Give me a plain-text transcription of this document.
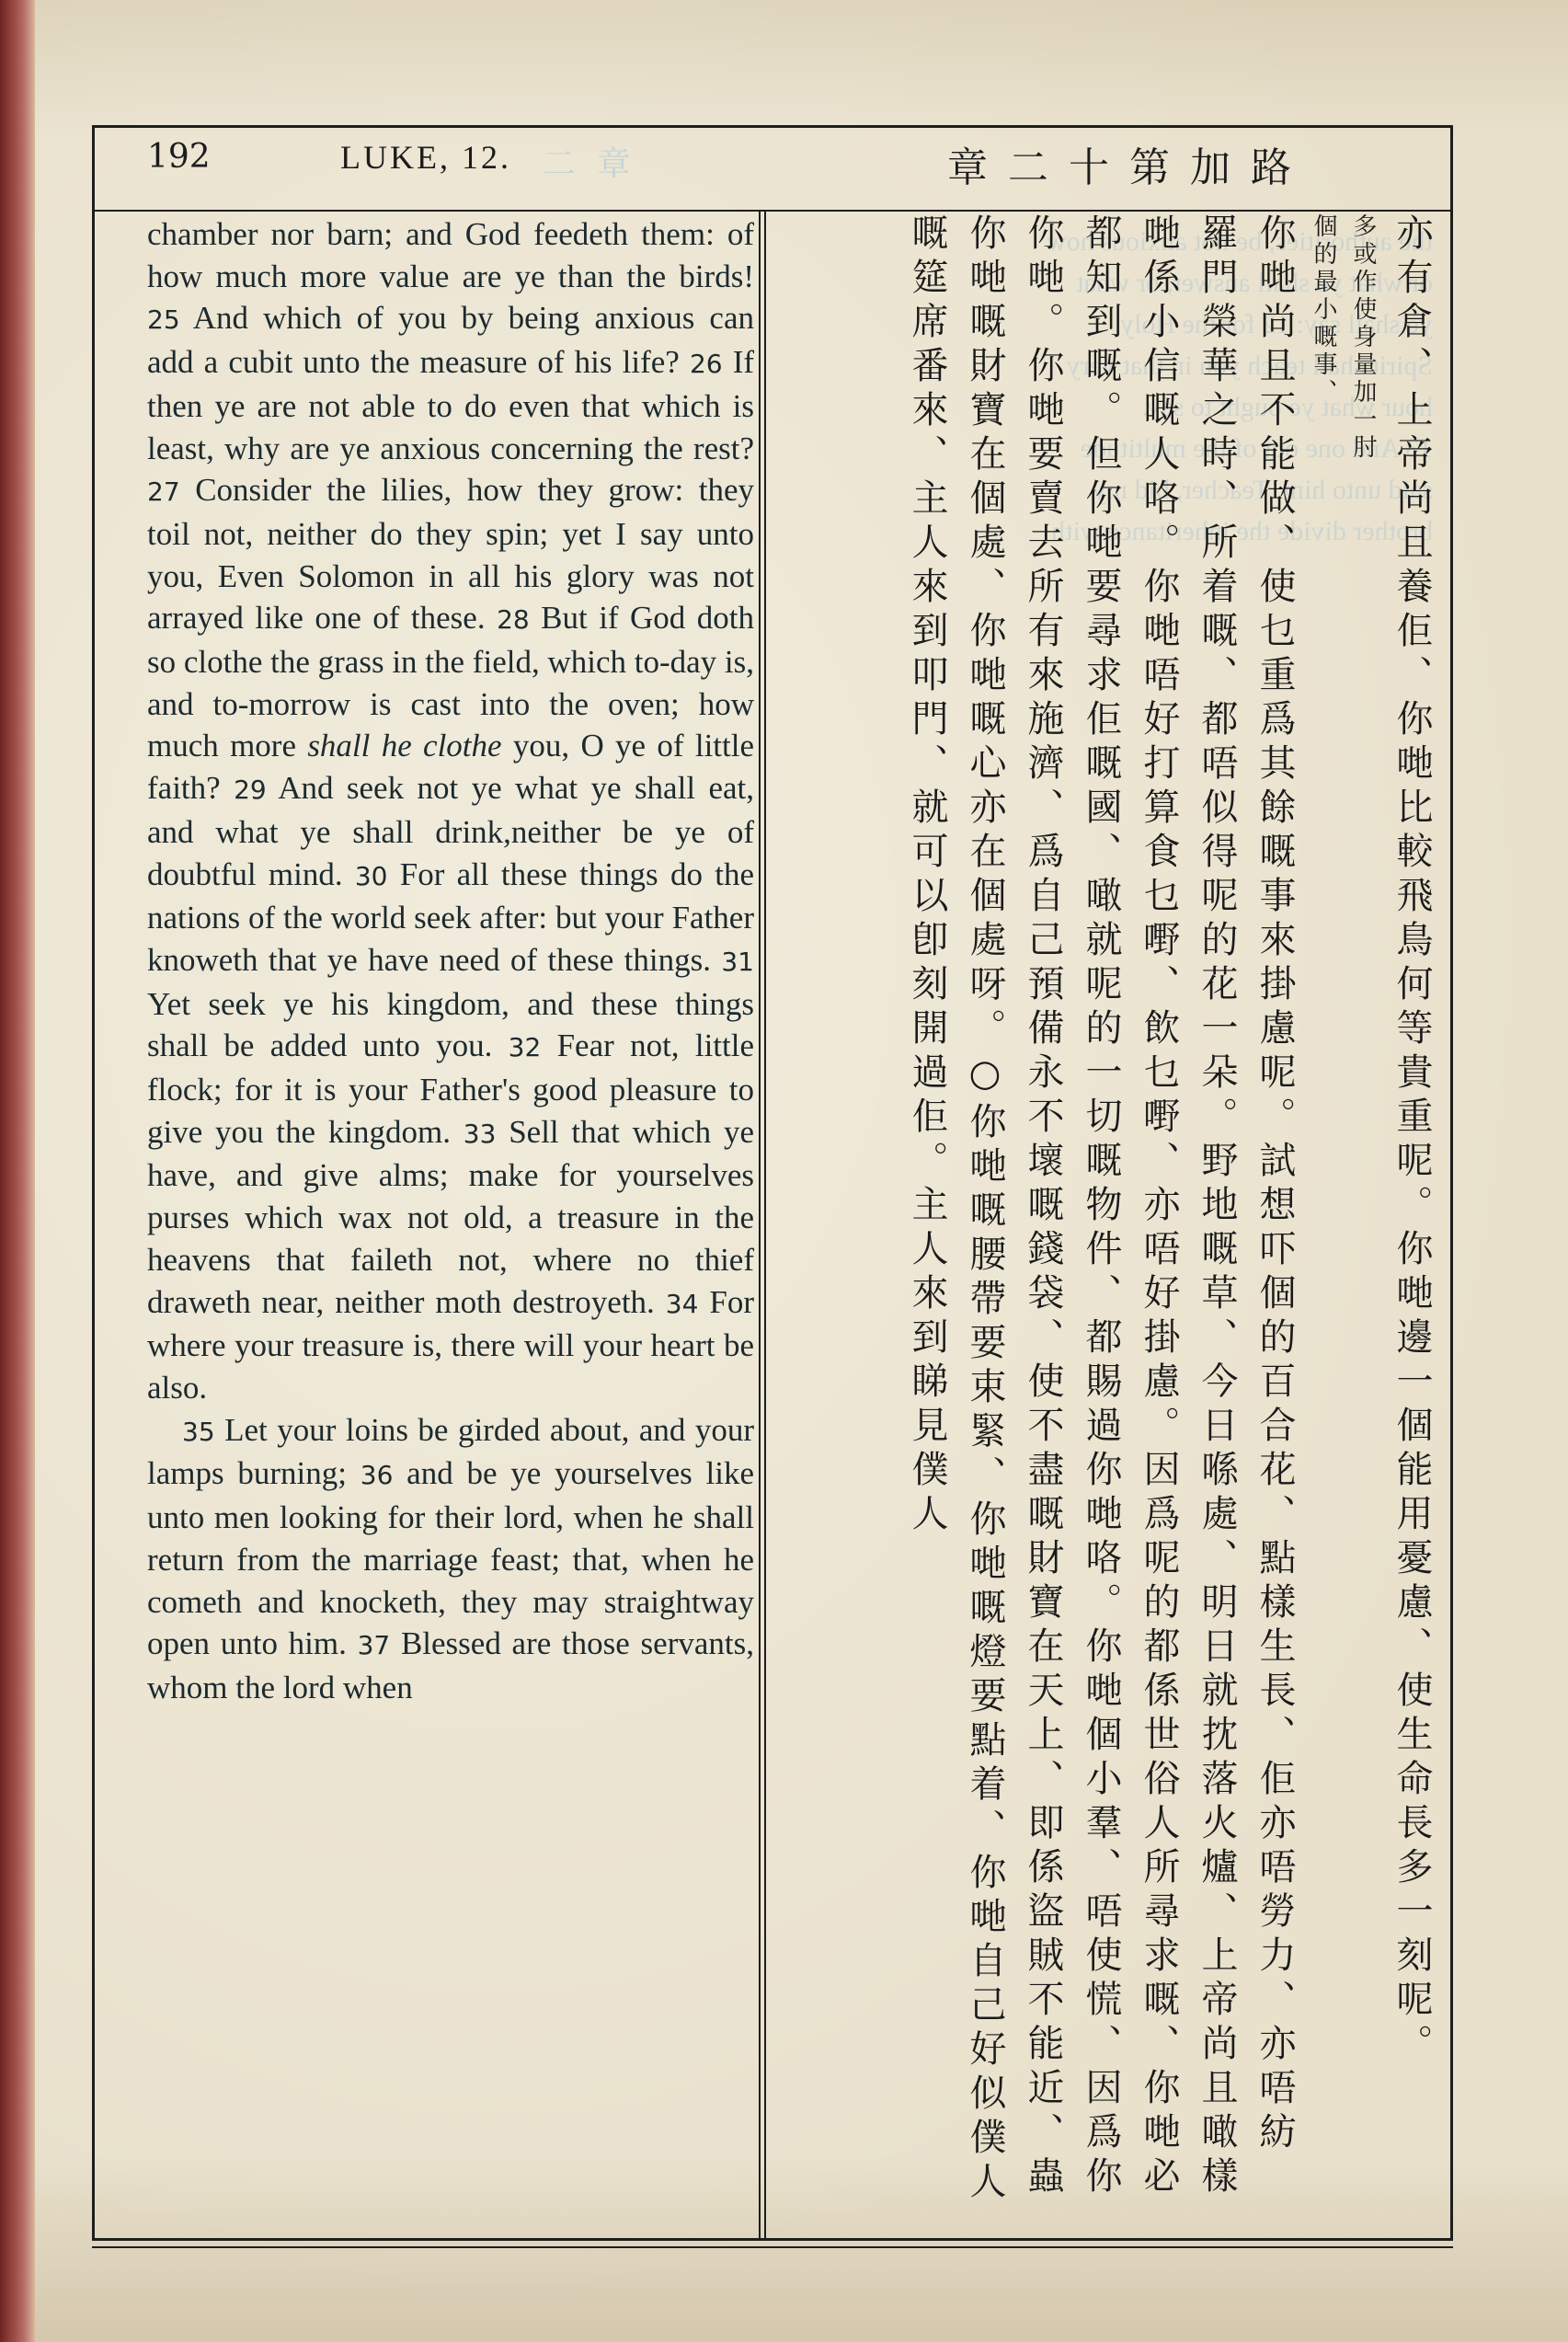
the authorities, be not anxious how
or what ye shall answer, or what
ye shall say: 12 for the Holy
Spirit shall teach you in that very
hour what ye ought to say.
13 And one out of the multitude
said unto him, Teacher, bid my
brother divide the inheritance with
192	LUKE, 12. 二 章	路加第十二章

chamber nor barn; and God feedeth them: of how much more value are ye than the birds! 25 And which of you by being anxious can add a cubit unto the measure of his life? 26 If then ye are not able to do even that which is least, why are ye anxious concerning the rest? 27 Consider the lilies, how they grow: they toil not, neither do they spin; yet I say unto you, Even Solomon in all his glory was not arrayed like one of these. 28 But if God doth so clothe the grass in the field, which to-day is, and to-morrow is cast into the oven; how much more shall he clothe you, O ye of little faith? 29 And seek not ye what ye shall eat, and what ye shall drink,neither be ye of doubtful mind. 30 For all these things do the nations of the world seek after: but your Father knoweth that ye have need of these things. 31 Yet seek ye his kingdom, and these things shall be added unto you. 32 Fear not, little flock; for it is your Father's good pleasure to give you the kingdom. 33 Sell that which ye have, and give alms; make for yourselves purses which wax not old, a treasure in the heavens that faileth not, where no thief draweth near, neither moth destroyeth. 34 For where your treasure is, there will your heart be also.

35 Let your loins be girded about, and your lamps burning; 36 and be ye yourselves like unto men looking for their lord, when he shall return from the marriage feast; that, when he cometh and knocketh, they may straightway open unto him. 37 Blessed are those servants, whom the lord when	亦有倉、上帝尚且養佢、你哋比較飛鳥何等貴重呢。你哋邊一個能用憂慮、使生命長多一刻呢。
多或作使身量加一肘
個的最小嘅事、
你哋尚且不能做、使乜重爲其餘嘅事來掛慮呢。試想吓個的百合花、點樣生長、佢亦唔勞力、亦唔紡
羅門榮華之時、所着嘅、都唔似得呢的花一朵。野地嘅草、今日喺處、明日就抌落火爐、上帝尚且噉樣
哋係小信嘅人咯。你哋唔好打算食乜嘢、飲乜嘢、亦唔好掛慮。因爲呢的都係世俗人所尋求嘅、你哋必
都知到嘅。但你哋要尋求佢嘅國、噉就呢的一切嘅物件、都賜過你哋咯。你哋個小羣、唔使慌、因爲你
你哋。你哋要賣去所有來施濟、爲自己預備永不壞嘅錢袋、使不盡嘅財寶在天上、即係盜賊不能近、蟲
你哋嘅財寶在個處、你哋嘅心亦在個處呀。○你哋嘅腰帶要束緊、你哋嘅燈要點着、你哋自己好似僕人
嘅筵席番來、主人來到叩門、就可以卽刻開過佢。主人來到睇見僕人
